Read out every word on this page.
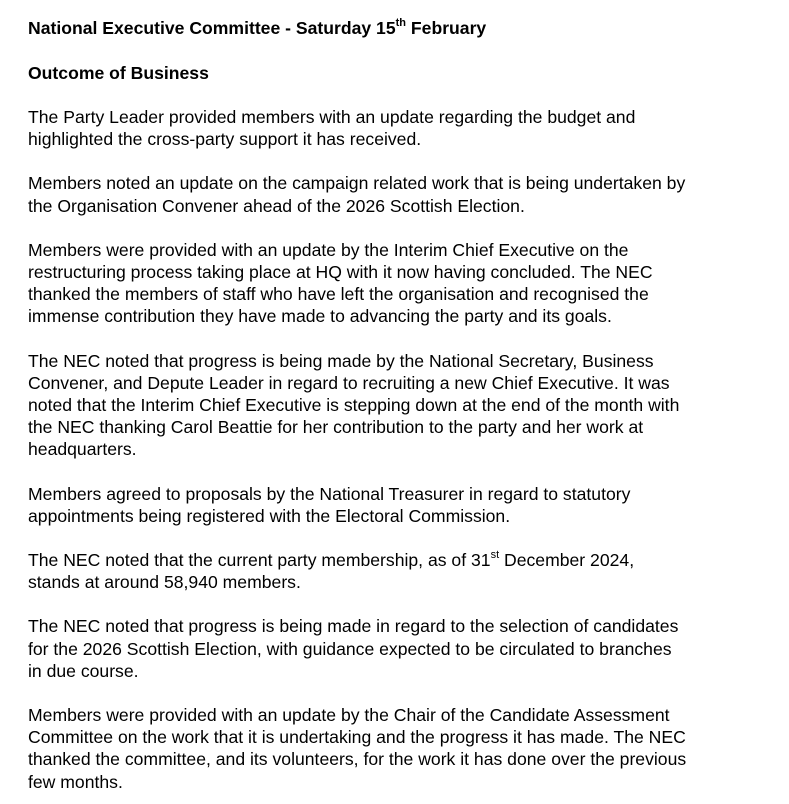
National Executive Committee - Saturday 15th February
Outcome of Business
The Party Leader provided members with an update regarding the budget and
highlighted the cross-party support it has received.
Members noted an update on the campaign related work that is being undertaken by
the Organisation Convener ahead of the 2026 Scottish Election.
Members were provided with an update by the Interim Chief Executive on the
restructuring process taking place at HQ with it now having concluded. The NEC
thanked the members of staff who have left the organisation and recognised the
immense contribution they have made to advancing the party and its goals.
The NEC noted that progress is being made by the National Secretary, Business
Convener, and Depute Leader in regard to recruiting a new Chief Executive. It was
noted that the Interim Chief Executive is stepping down at the end of the month with
the NEC thanking Carol Beattie for her contribution to the party and her work at
headquarters.
Members agreed to proposals by the National Treasurer in regard to statutory
appointments being registered with the Electoral Commission.
The NEC noted that the current party membership, as of 31st December 2024,
stands at around 58,940 members.
The NEC noted that progress is being made in regard to the selection of candidates
for the 2026 Scottish Election, with guidance expected to be circulated to branches
in due course.
Members were provided with an update by the Chair of the Candidate Assessment
Committee on the work that it is undertaking and the progress it has made. The NEC
thanked the committee, and its volunteers, for the work it has done over the previous
few months.
